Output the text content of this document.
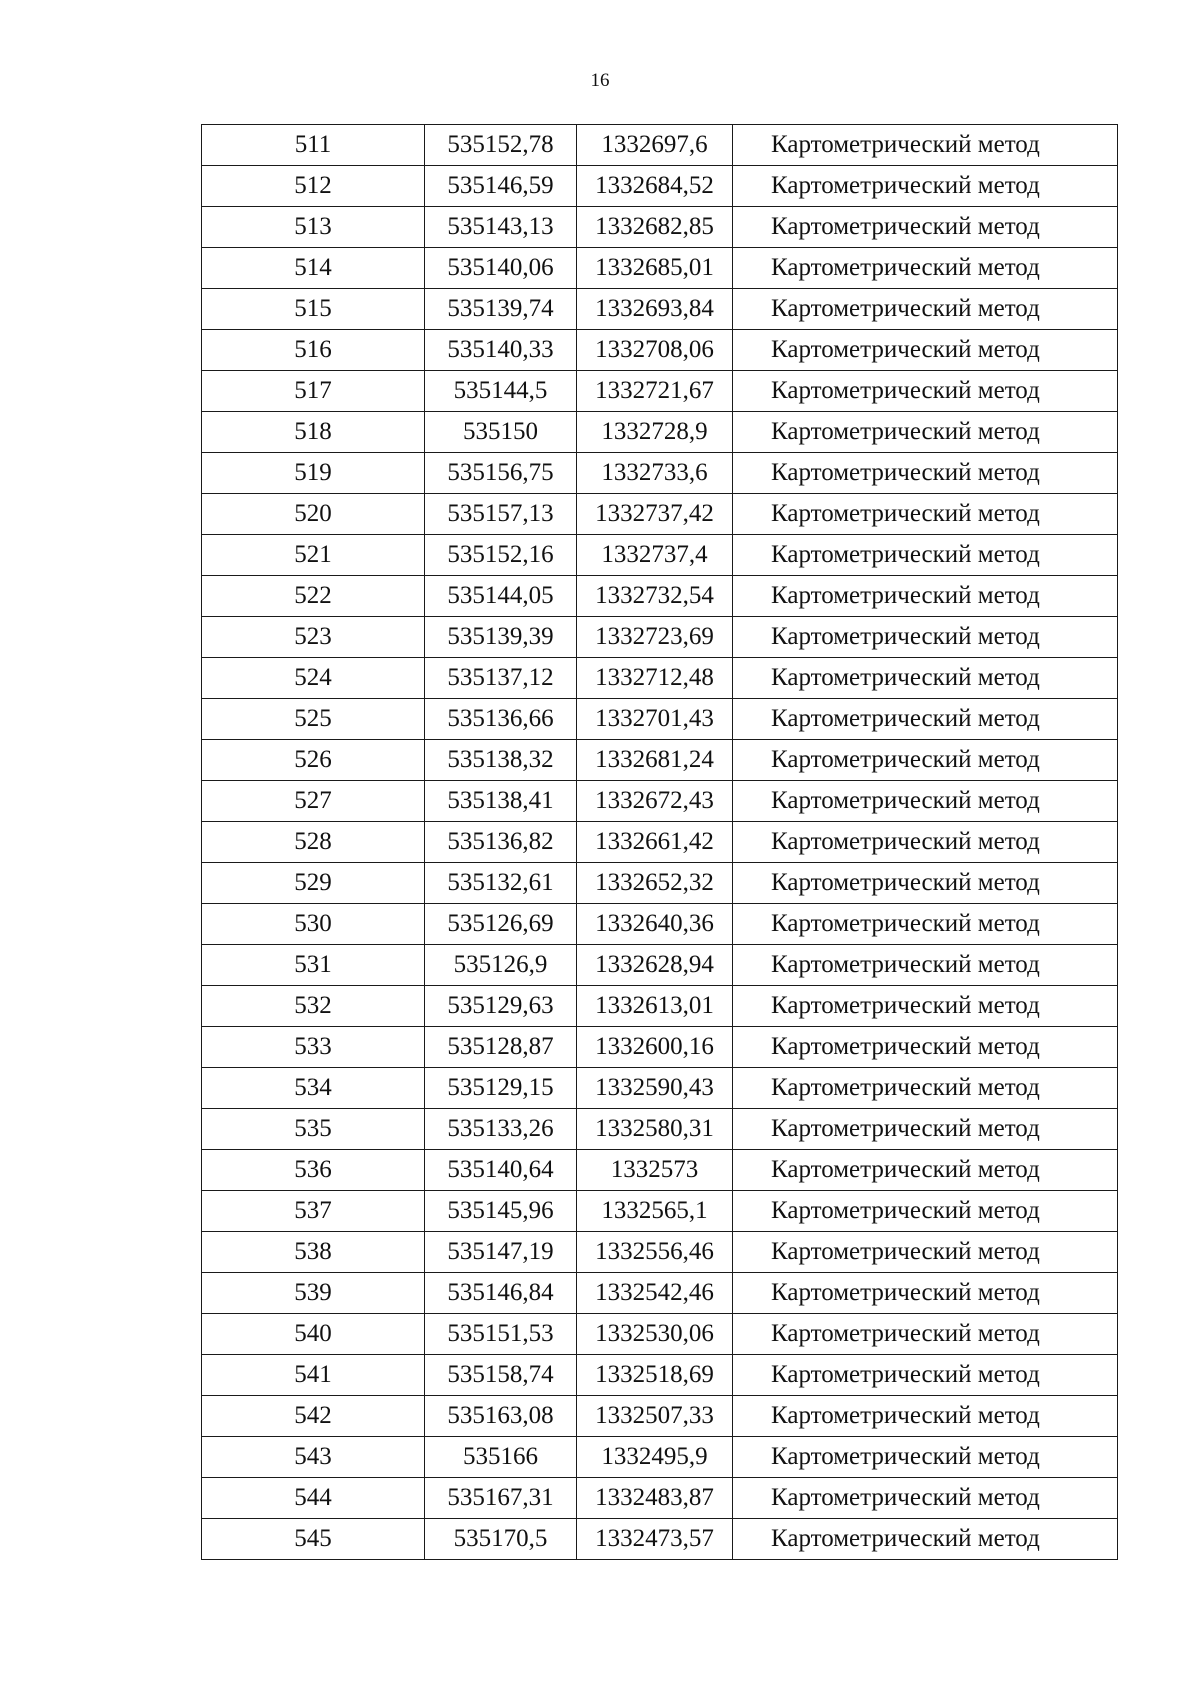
16
511	535152,78	1332697,6	Картометрический метод
512	535146,59	1332684,52	Картометрический метод
513	535143,13	1332682,85	Картометрический метод
514	535140,06	1332685,01	Картометрический метод
515	535139,74	1332693,84	Картометрический метод
516	535140,33	1332708,06	Картометрический метод
517	535144,5	1332721,67	Картометрический метод
518	535150	1332728,9	Картометрический метод
519	535156,75	1332733,6	Картометрический метод
520	535157,13	1332737,42	Картометрический метод
521	535152,16	1332737,4	Картометрический метод
522	535144,05	1332732,54	Картометрический метод
523	535139,39	1332723,69	Картометрический метод
524	535137,12	1332712,48	Картометрический метод
525	535136,66	1332701,43	Картометрический метод
526	535138,32	1332681,24	Картометрический метод
527	535138,41	1332672,43	Картометрический метод
528	535136,82	1332661,42	Картометрический метод
529	535132,61	1332652,32	Картометрический метод
530	535126,69	1332640,36	Картометрический метод
531	535126,9	1332628,94	Картометрический метод
532	535129,63	1332613,01	Картометрический метод
533	535128,87	1332600,16	Картометрический метод
534	535129,15	1332590,43	Картометрический метод
535	535133,26	1332580,31	Картометрический метод
536	535140,64	1332573	Картометрический метод
537	535145,96	1332565,1	Картометрический метод
538	535147,19	1332556,46	Картометрический метод
539	535146,84	1332542,46	Картометрический метод
540	535151,53	1332530,06	Картометрический метод
541	535158,74	1332518,69	Картометрический метод
542	535163,08	1332507,33	Картометрический метод
543	535166	1332495,9	Картометрический метод
544	535167,31	1332483,87	Картометрический метод
545	535170,5	1332473,57	Картометрический метод
